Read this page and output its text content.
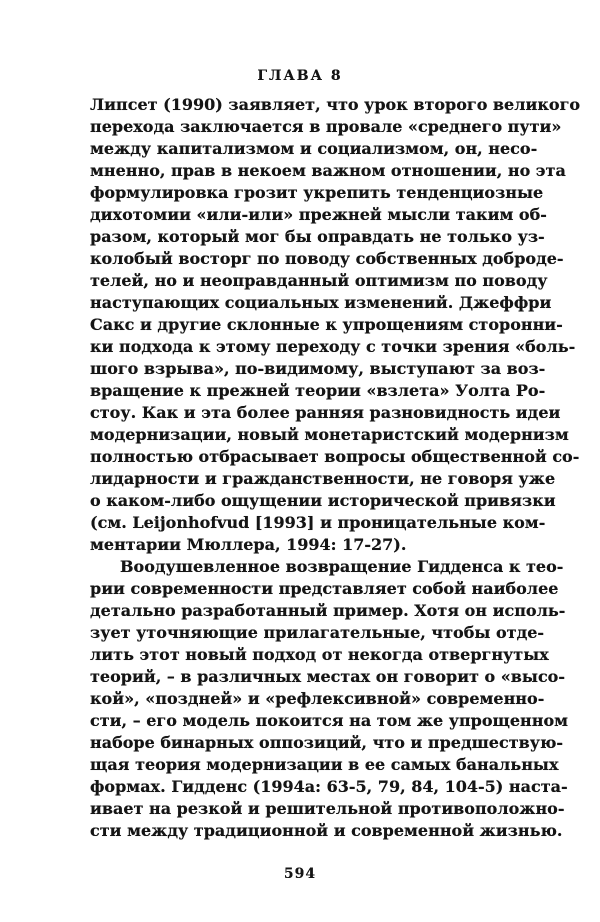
ГЛАВА 8
Липсет (1990) заявляет, что урок второго великого
перехода заключается в провале «среднего пути»
между капитализмом и социализмом, он, несо-
мненно, прав в некоем важном отношении, но эта
формулировка грозит укрепить тенденциозные
дихотомии «или-или» прежней мысли таким об-
разом, который мог бы оправдать не только уз-
колобый восторг по поводу собственных доброде-
телей, но и неоправданный оптимизм по поводу
наступающих социальных изменений. Джеффри
Сакс и другие склонные к упрощениям сторонни-
ки подхода к этому переходу с точки зрения «боль-
шого взрыва», по-видимому, выступают за воз-
вращение к прежней теории «взлета» Уолта Ро-
стоу. Как и эта более ранняя разновидность идеи
модернизации, новый монетаристский модернизм
полностью отбрасывает вопросы общественной со-
лидарности и гражданственности, не говоря уже
о каком-либо ощущении исторической привязки
(см. Leijonhofvud [1993] и проницательные ком-
ментарии Мюллера, 1994: 17-27).
Воодушевленное возвращение Гидденса к тео-
рии современности представляет собой наиболее
детально разработанный пример. Хотя он исполь-
зует уточняющие прилагательные, чтобы отде-
лить этот новый подход от некогда отвергнутых
теорий, – в различных местах он говорит о «высо-
кой», «поздней» и «рефлексивной» современно-
сти, – его модель покоится на том же упрощенном
наборе бинарных оппозиций, что и предшествую-
щая теория модернизации в ее самых банальных
формах. Гидденс (1994а: 63-5, 79, 84, 104-5) наста-
ивает на резкой и решительной противоположно-
сти между традиционной и современной жизнью.
594
